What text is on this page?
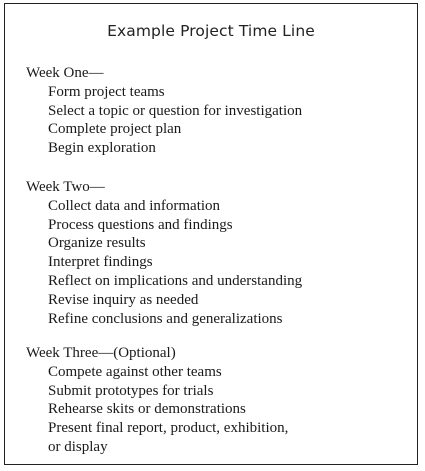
Example Project Time Line
Week One—
Form project teams
Select a topic or question for investigation
Complete project plan
Begin exploration
Week Two—
Collect data and information
Process questions and findings
Organize results
Interpret findings
Reflect on implications and understanding
Revise inquiry as needed
Refine conclusions and generalizations
Week Three—(Optional)
Compete against other teams
Submit prototypes for trials
Rehearse skits or demonstrations
Present final report, product, exhibition,
or display
